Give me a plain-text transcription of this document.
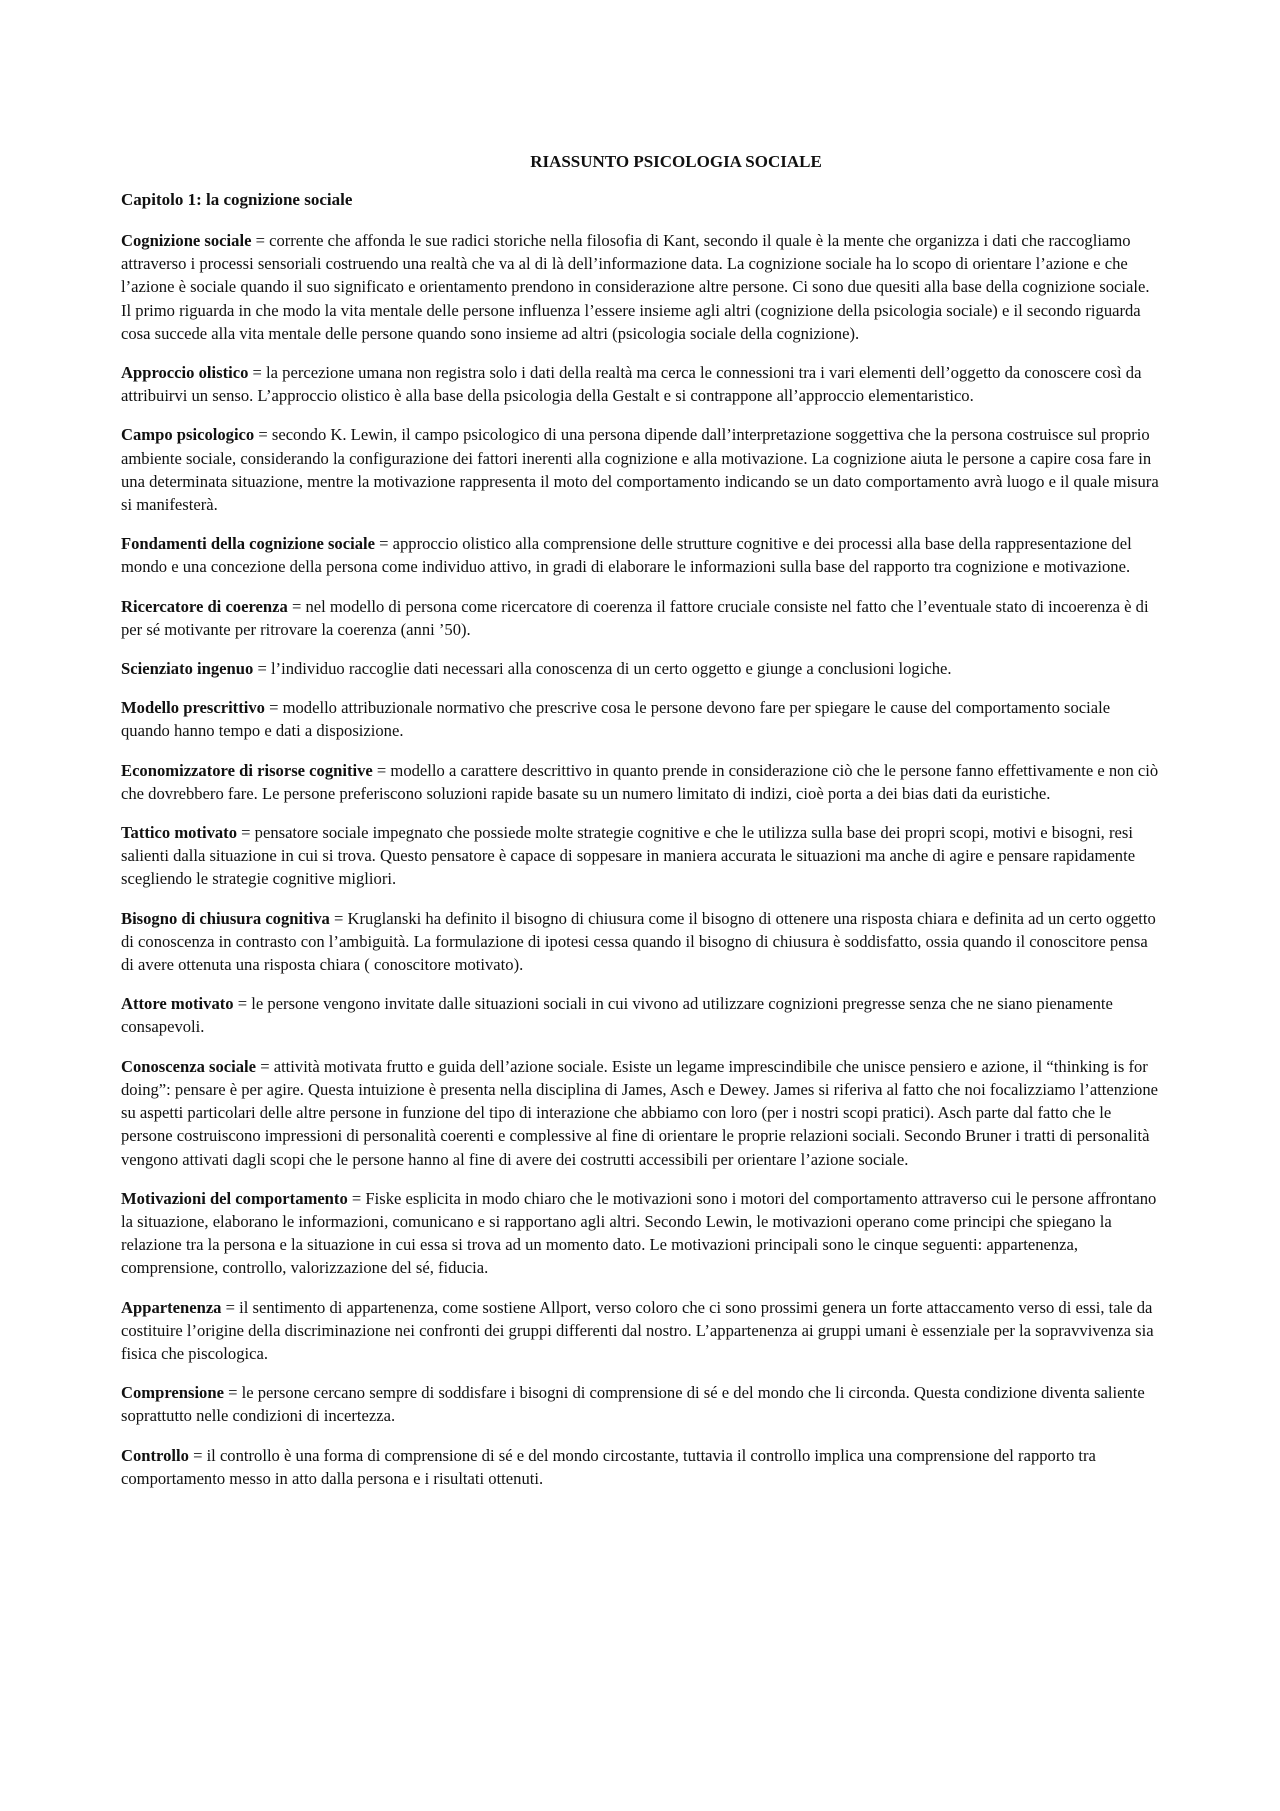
RIASSUNTO PSICOLOGIA SOCIALE
Capitolo 1: la cognizione sociale

Cognizione sociale = corrente che affonda le sue radici storiche nella filosofia di Kant, secondo il quale è la mente che organizza i dati che raccogliamo attraverso i processi sensoriali costruendo una realtà che va al di là dell’informazione data. La cognizione sociale ha lo scopo di orientare l’azione e che l’azione è sociale quando il suo significato e orientamento prendono in considerazione altre persone. Ci sono due quesiti alla base della cognizione sociale. Il primo riguarda in che modo la vita mentale delle persone influenza l’essere insieme agli altri (cognizione della psicologia sociale) e il secondo riguarda cosa succede alla vita mentale delle persone quando sono insieme ad altri (psicologia sociale della cognizione).

Approccio olistico = la percezione umana non registra solo i dati della realtà ma cerca le connessioni tra i vari elementi dell’oggetto da conoscere così da attribuirvi un senso. L’approccio olistico è alla base della psicologia della Gestalt e si contrappone all’approccio elementaristico.

Campo psicologico = secondo K. Lewin, il campo psicologico di una persona dipende dall’interpretazione soggettiva che la persona costruisce sul proprio ambiente sociale, considerando la configurazione dei fattori inerenti alla cognizione e alla motivazione. La cognizione aiuta le persone a capire cosa fare in una determinata situazione, mentre la motivazione rappresenta il moto del comportamento indicando se un dato comportamento avrà luogo e il quale misura si manifesterà.

Fondamenti della cognizione sociale = approccio olistico alla comprensione delle strutture cognitive e dei processi alla base della rappresentazione del mondo e una concezione della persona come individuo attivo, in gradi di elaborare le informazioni sulla base del rapporto tra cognizione e motivazione.

Ricercatore di coerenza = nel modello di persona come ricercatore di coerenza il fattore cruciale consiste nel fatto che l’eventuale stato di incoerenza è di per sé motivante per ritrovare la coerenza (anni ’50).

Scienziato ingenuo = l’individuo raccoglie dati necessari alla conoscenza di un certo oggetto e giunge a conclusioni logiche.

Modello prescrittivo = modello attribuzionale normativo che prescrive cosa le persone devono fare per spiegare le cause del comportamento sociale quando hanno tempo e dati a disposizione.

Economizzatore di risorse cognitive = modello a carattere descrittivo in quanto prende in considerazione ciò che le persone fanno effettivamente e non ciò che dovrebbero fare. Le persone preferiscono soluzioni rapide basate su un numero limitato di indizi, cioè porta a dei bias dati da euristiche.

Tattico motivato = pensatore sociale impegnato che possiede molte strategie cognitive e che le utilizza sulla base dei propri scopi, motivi e bisogni, resi salienti dalla situazione in cui si trova. Questo pensatore è capace di soppesare in maniera accurata le situazioni ma anche di agire e pensare rapidamente scegliendo le strategie cognitive migliori.

Bisogno di chiusura cognitiva = Kruglanski ha definito il bisogno di chiusura come il bisogno di ottenere una risposta chiara e definita ad un certo oggetto di conoscenza in contrasto con l’ambiguità. La formulazione di ipotesi cessa quando il bisogno di chiusura è soddisfatto, ossia quando il conoscitore pensa di avere ottenuta una risposta chiara ( conoscitore motivato).

Attore motivato = le persone vengono invitate dalle situazioni sociali in cui vivono ad utilizzare cognizioni pregresse senza che ne siano pienamente consapevoli.

Conoscenza sociale = attività motivata frutto e guida dell’azione sociale. Esiste un legame imprescindibile che unisce pensiero e azione, il “thinking is for doing”: pensare è per agire. Questa intuizione è presenta nella disciplina di James, Asch e Dewey. James si riferiva al fatto che noi focalizziamo l’attenzione su aspetti particolari delle altre persone in funzione del tipo di interazione che abbiamo con loro (per i nostri scopi pratici). Asch parte dal fatto che le persone costruiscono impressioni di personalità coerenti e complessive al fine di orientare le proprie relazioni sociali. Secondo Bruner i tratti di personalità vengono attivati dagli scopi che le persone hanno al fine di avere dei costrutti accessibili per orientare l’azione sociale.

Motivazioni del comportamento = Fiske esplicita in modo chiaro che le motivazioni sono i motori del comportamento attraverso cui le persone affrontano la situazione, elaborano le informazioni, comunicano e si rapportano agli altri. Secondo Lewin, le motivazioni operano come principi che spiegano la relazione tra la persona e la situazione in cui essa si trova ad un momento dato. Le motivazioni principali sono le cinque seguenti: appartenenza, comprensione, controllo, valorizzazione del sé, fiducia.

Appartenenza = il sentimento di appartenenza, come sostiene Allport, verso coloro che ci sono prossimi genera un forte attaccamento verso di essi, tale da costituire l’origine della discriminazione nei confronti dei gruppi differenti dal nostro. L’appartenenza ai gruppi umani è essenziale per la sopravvivenza sia fisica che piscologica.

Comprensione = le persone cercano sempre di soddisfare i bisogni di comprensione di sé e del mondo che li circonda. Questa condizione diventa saliente soprattutto nelle condizioni di incertezza.

Controllo = il controllo è una forma di comprensione di sé e del mondo circostante, tuttavia il controllo implica una comprensione del rapporto tra comportamento messo in atto dalla persona e i risultati ottenuti.
